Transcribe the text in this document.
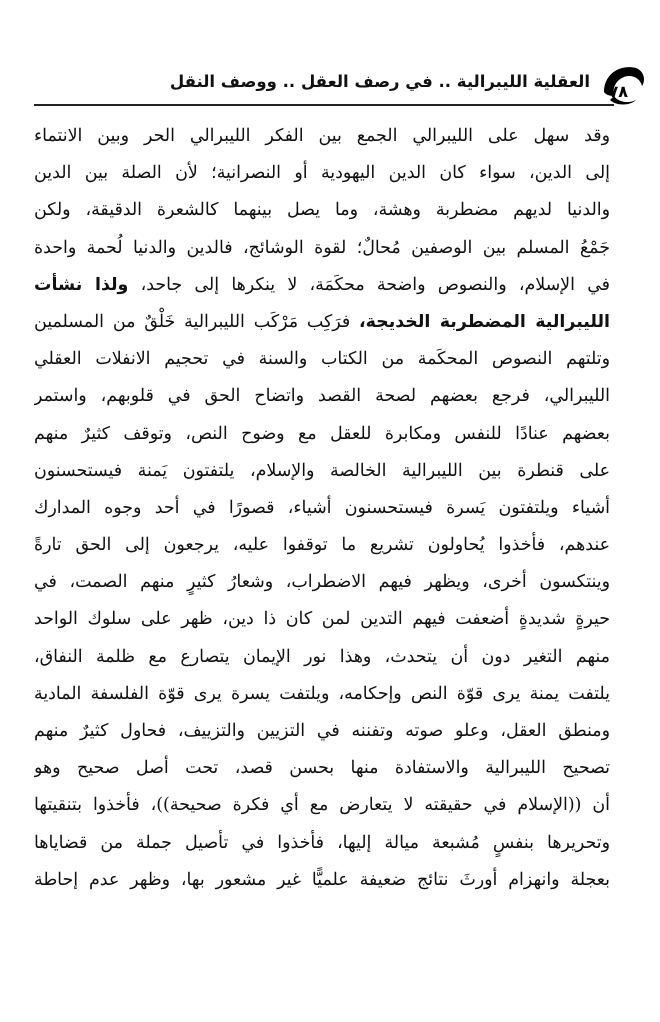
٧٨
العقلية الليبرالية .. في رصف العقل .. ووصف النقل
وقد سهل على الليبرالي الجمع بين الفكر الليبرالي الحر وبين الانتماء
إلى الدين، سواء كان الدين اليهودية أو النصرانية؛ لأن الصلة بين الدين
والدنيا لديهم مضطربة وهشة، وما يصل بينهما كالشعرة الدقيقة، ولكن
جَمْعُ المسلم بين الوصفين مُحالٌ؛ لقوة الوشائج، فالدين والدنيا لُحمة واحدة
في الإسلام، والنصوص واضحة محكَمَة، لا ينكرها إلى جاحد، ولذا نشأت
الليبرالية المضطربة الخديجة، فرَكِب مَرْكَب الليبرالية خَلْقٌ من المسلمين
وتلتهم النصوص المحكَمة من الكتاب والسنة في تحجيم الانفلات العقلي
الليبرالي، فرجع بعضهم لصحة القصد واتضاح الحق في قلوبهم، واستمر
بعضهم عنادًا للنفس ومكابرة للعقل مع وضوح النص، وتوقف كثيرٌ منهم
على قنطرة بين الليبرالية الخالصة والإسلام، يلتفتون يَمنة فيستحسنون
أشياء ويلتفتون يَسرة فيستحسنون أشياء، قصورًا في أحد وجوه المدارك
عندهم، فأخذوا يُحاولون تشريع ما توقفوا عليه، يرجعون إلى الحق تارةً
وينتكسون أخرى، ويظهر فيهم الاضطراب، وشعارُ كثيرٍ منهم الصمت، في
حيرةٍ شديدةٍ أضعفت فيهم التدين لمن كان ذا دين، ظهر على سلوك الواحد
منهم التغير دون أن يتحدث، وهذا نور الإيمان يتصارع مع ظلمة النفاق،
يلتفت يمنة يرى قوّة النص وإحكامه، ويلتفت يسرة يرى قوّة الفلسفة المادية
ومنطق العقل، وعلو صوته وتفننه في التزيين والتزييف، فحاول كثيرٌ منهم
تصحيح الليبرالية والاستفادة منها بحسن قصد، تحت أصل صحيح وهو
أن ((الإسلام في حقيقته لا يتعارض مع أي فكرة صحيحة))، فأخذوا بتنقيتها
وتحريرها بنفسٍ مُشبعة ميالة إليها، فأخذوا في تأصيل جملة من قضاياها
بعجلة وانهزام أورثَ نتائج ضعيفة علميًّا غير مشعور بها، وظهر عدم إحاطة
